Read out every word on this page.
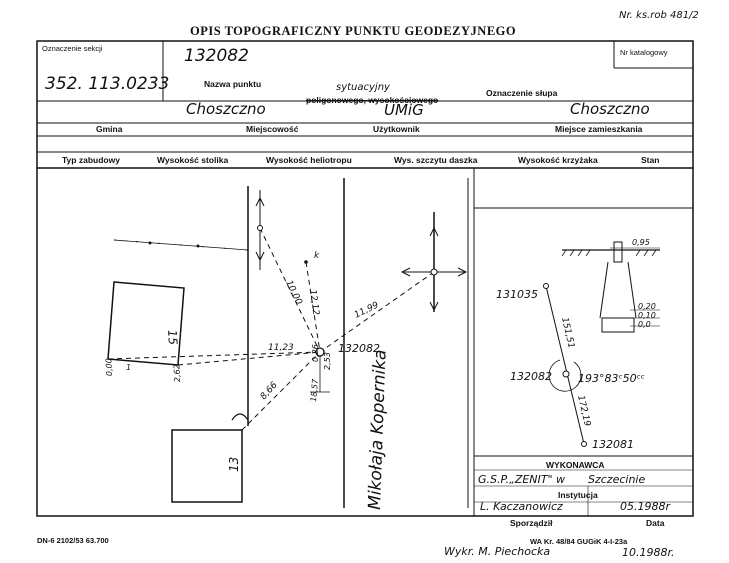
OPIS TOPOGRAFICZNY PUNKTU GEODEZYJNEGO
Nr. ks.rob 481/2
Oznaczenie sekcji
352. 113.0233
132082	Nr katalogowy
Nazwa punktu	sytuacyjny
poligonowego, wysokościowego
Oznaczenie słupa
Choszczno	UMiG	Choszczno
Gmina	Miejscowość	Użytkownik	Miejsce zamieszkania
Typ zabudowy	Wysokość stolika	Wysokość heliotropu	Wys. szczytu daszka	Wysokość krzyżaka	Stan
Mikołaja Kopernika
132082
k
15
13
0,00 1	2,62
11,23
11,99
10,00 12,12
0,26 2,53
18,57
8,66
0,95
0,20
0,10
0,0
131035
132082
132081
151,51
172,19
193°83ᶜ50ᶜᶜ
WYKONAWCA
G.S.P.„ZENIT" w Szczecinie
Instytucja
L. Kaczanowicz	05.1988r
Sporządził	Data
DN-6 2102/53 63.700	WA Kr. 48/84 GUGiK 4-I-23a
Wykr. M. Piechocka	10.1988r.
